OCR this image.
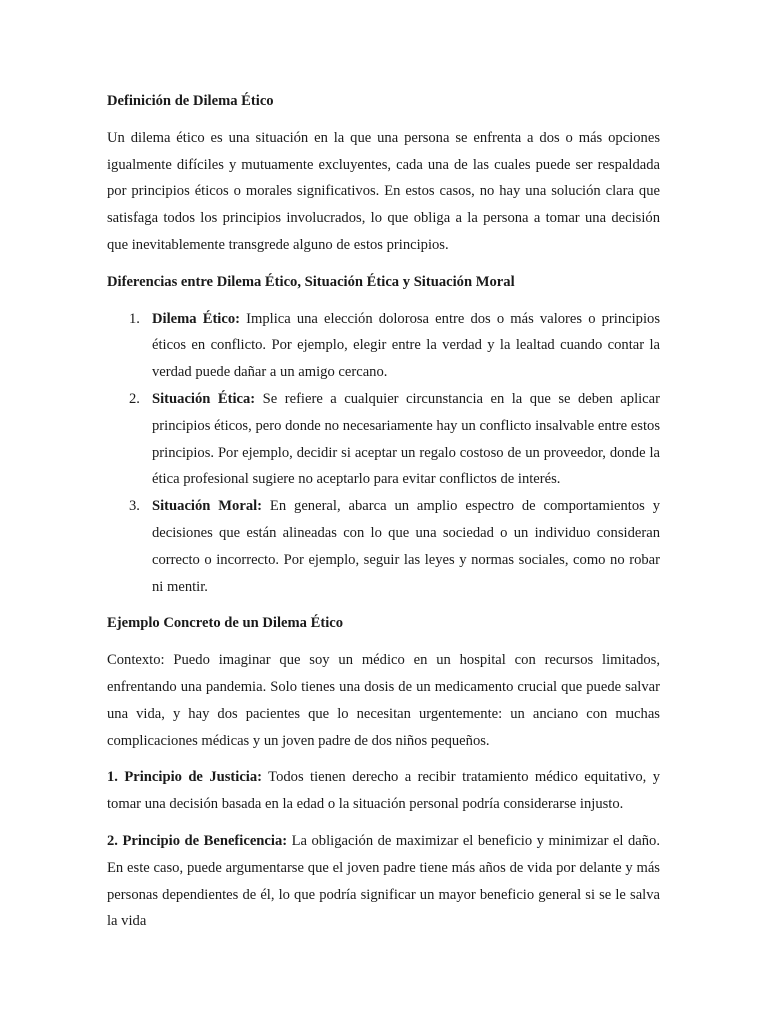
Definición de Dilema Ético
Un dilema ético es una situación en la que una persona se enfrenta a dos o más opciones igualmente difíciles y mutuamente excluyentes, cada una de las cuales puede ser respaldada por principios éticos o morales significativos. En estos casos, no hay una solución clara que satisfaga todos los principios involucrados, lo que obliga a la persona a tomar una decisión que inevitablemente transgrede alguno de estos principios.
Diferencias entre Dilema Ético, Situación Ética y Situación Moral
1. Dilema Ético: Implica una elección dolorosa entre dos o más valores o principios éticos en conflicto. Por ejemplo, elegir entre la verdad y la lealtad cuando contar la verdad puede dañar a un amigo cercano.
2. Situación Ética: Se refiere a cualquier circunstancia en la que se deben aplicar principios éticos, pero donde no necesariamente hay un conflicto insalvable entre estos principios. Por ejemplo, decidir si aceptar un regalo costoso de un proveedor, donde la ética profesional sugiere no aceptarlo para evitar conflictos de interés.
3. Situación Moral: En general, abarca un amplio espectro de comportamientos y decisiones que están alineadas con lo que una sociedad o un individuo consideran correcto o incorrecto. Por ejemplo, seguir las leyes y normas sociales, como no robar ni mentir.
Ejemplo Concreto de un Dilema Ético
Contexto: Puedo imaginar que soy un médico en un hospital con recursos limitados, enfrentando una pandemia. Solo tienes una dosis de un medicamento crucial que puede salvar una vida, y hay dos pacientes que lo necesitan urgentemente: un anciano con muchas complicaciones médicas y un joven padre de dos niños pequeños.
1. Principio de Justicia: Todos tienen derecho a recibir tratamiento médico equitativo, y tomar una decisión basada en la edad o la situación personal podría considerarse injusto.
2. Principio de Beneficencia: La obligación de maximizar el beneficio y minimizar el daño. En este caso, puede argumentarse que el joven padre tiene más años de vida por delante y más personas dependientes de él, lo que podría significar un mayor beneficio general si se le salva la vida
